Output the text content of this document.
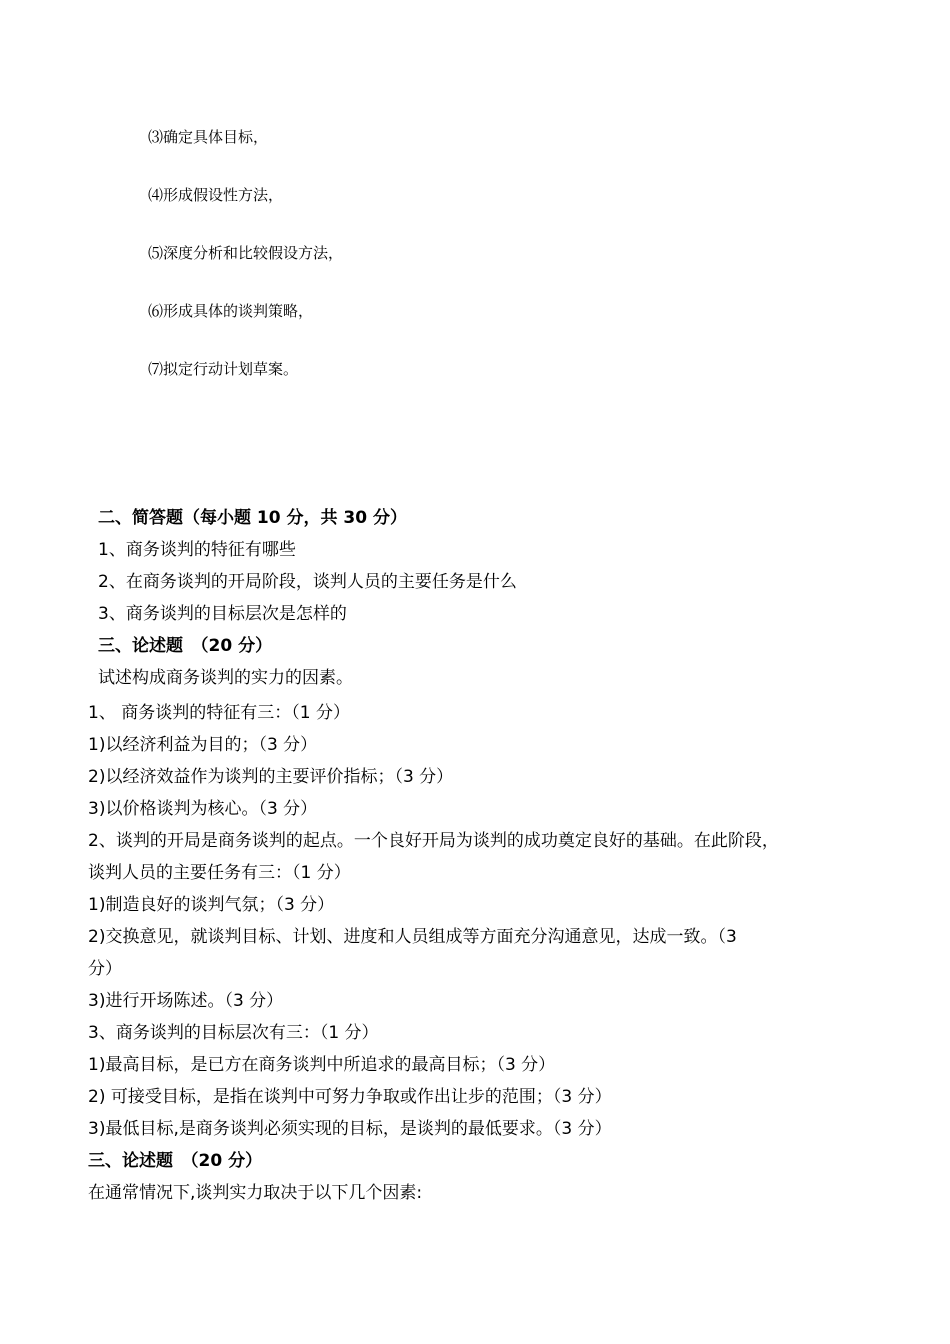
⑶确定具体目标，
⑷形成假设性方法，
⑸深度分析和比较假设方法，
⑹形成具体的谈判策略，
⑺拟定行动计划草案。
二、简答题（每小题 10 分，共 30 分）
1、商务谈判的特征有哪些
2、在商务谈判的开局阶段，谈判人员的主要任务是什么
3、商务谈判的目标层次是怎样的
三、论述题　（20 分）
试述构成商务谈判的实力的因素。
1、 商务谈判的特征有三：（1 分）
1)以经济利益为目的；（3 分）
2)以经济效益作为谈判的主要评价指标；（3 分）
3)以价格谈判为核心。（3 分）
2、谈判的开局是商务谈判的起点。一个良好开局为谈判的成功奠定良好的基础。在此阶段，
谈判人员的主要任务有三：（1 分）
1)制造良好的谈判气氛；（3 分）
2)交换意见，就谈判目标、计划、进度和人员组成等方面充分沟通意见，达成一致。（3
分）
3)进行开场陈述。（3 分）
3、商务谈判的目标层次有三：（1 分）
1)最高目标，是已方在商务谈判中所追求的最高目标；（3 分）
2) 可接受目标，是指在谈判中可努力争取或作出让步的范围；（3 分）
3)最低目标,是商务谈判必须实现的目标，是谈判的最低要求。（3 分）
三、论述题　（20 分）
在通常情况下,谈判实力取决于以下几个因素:
